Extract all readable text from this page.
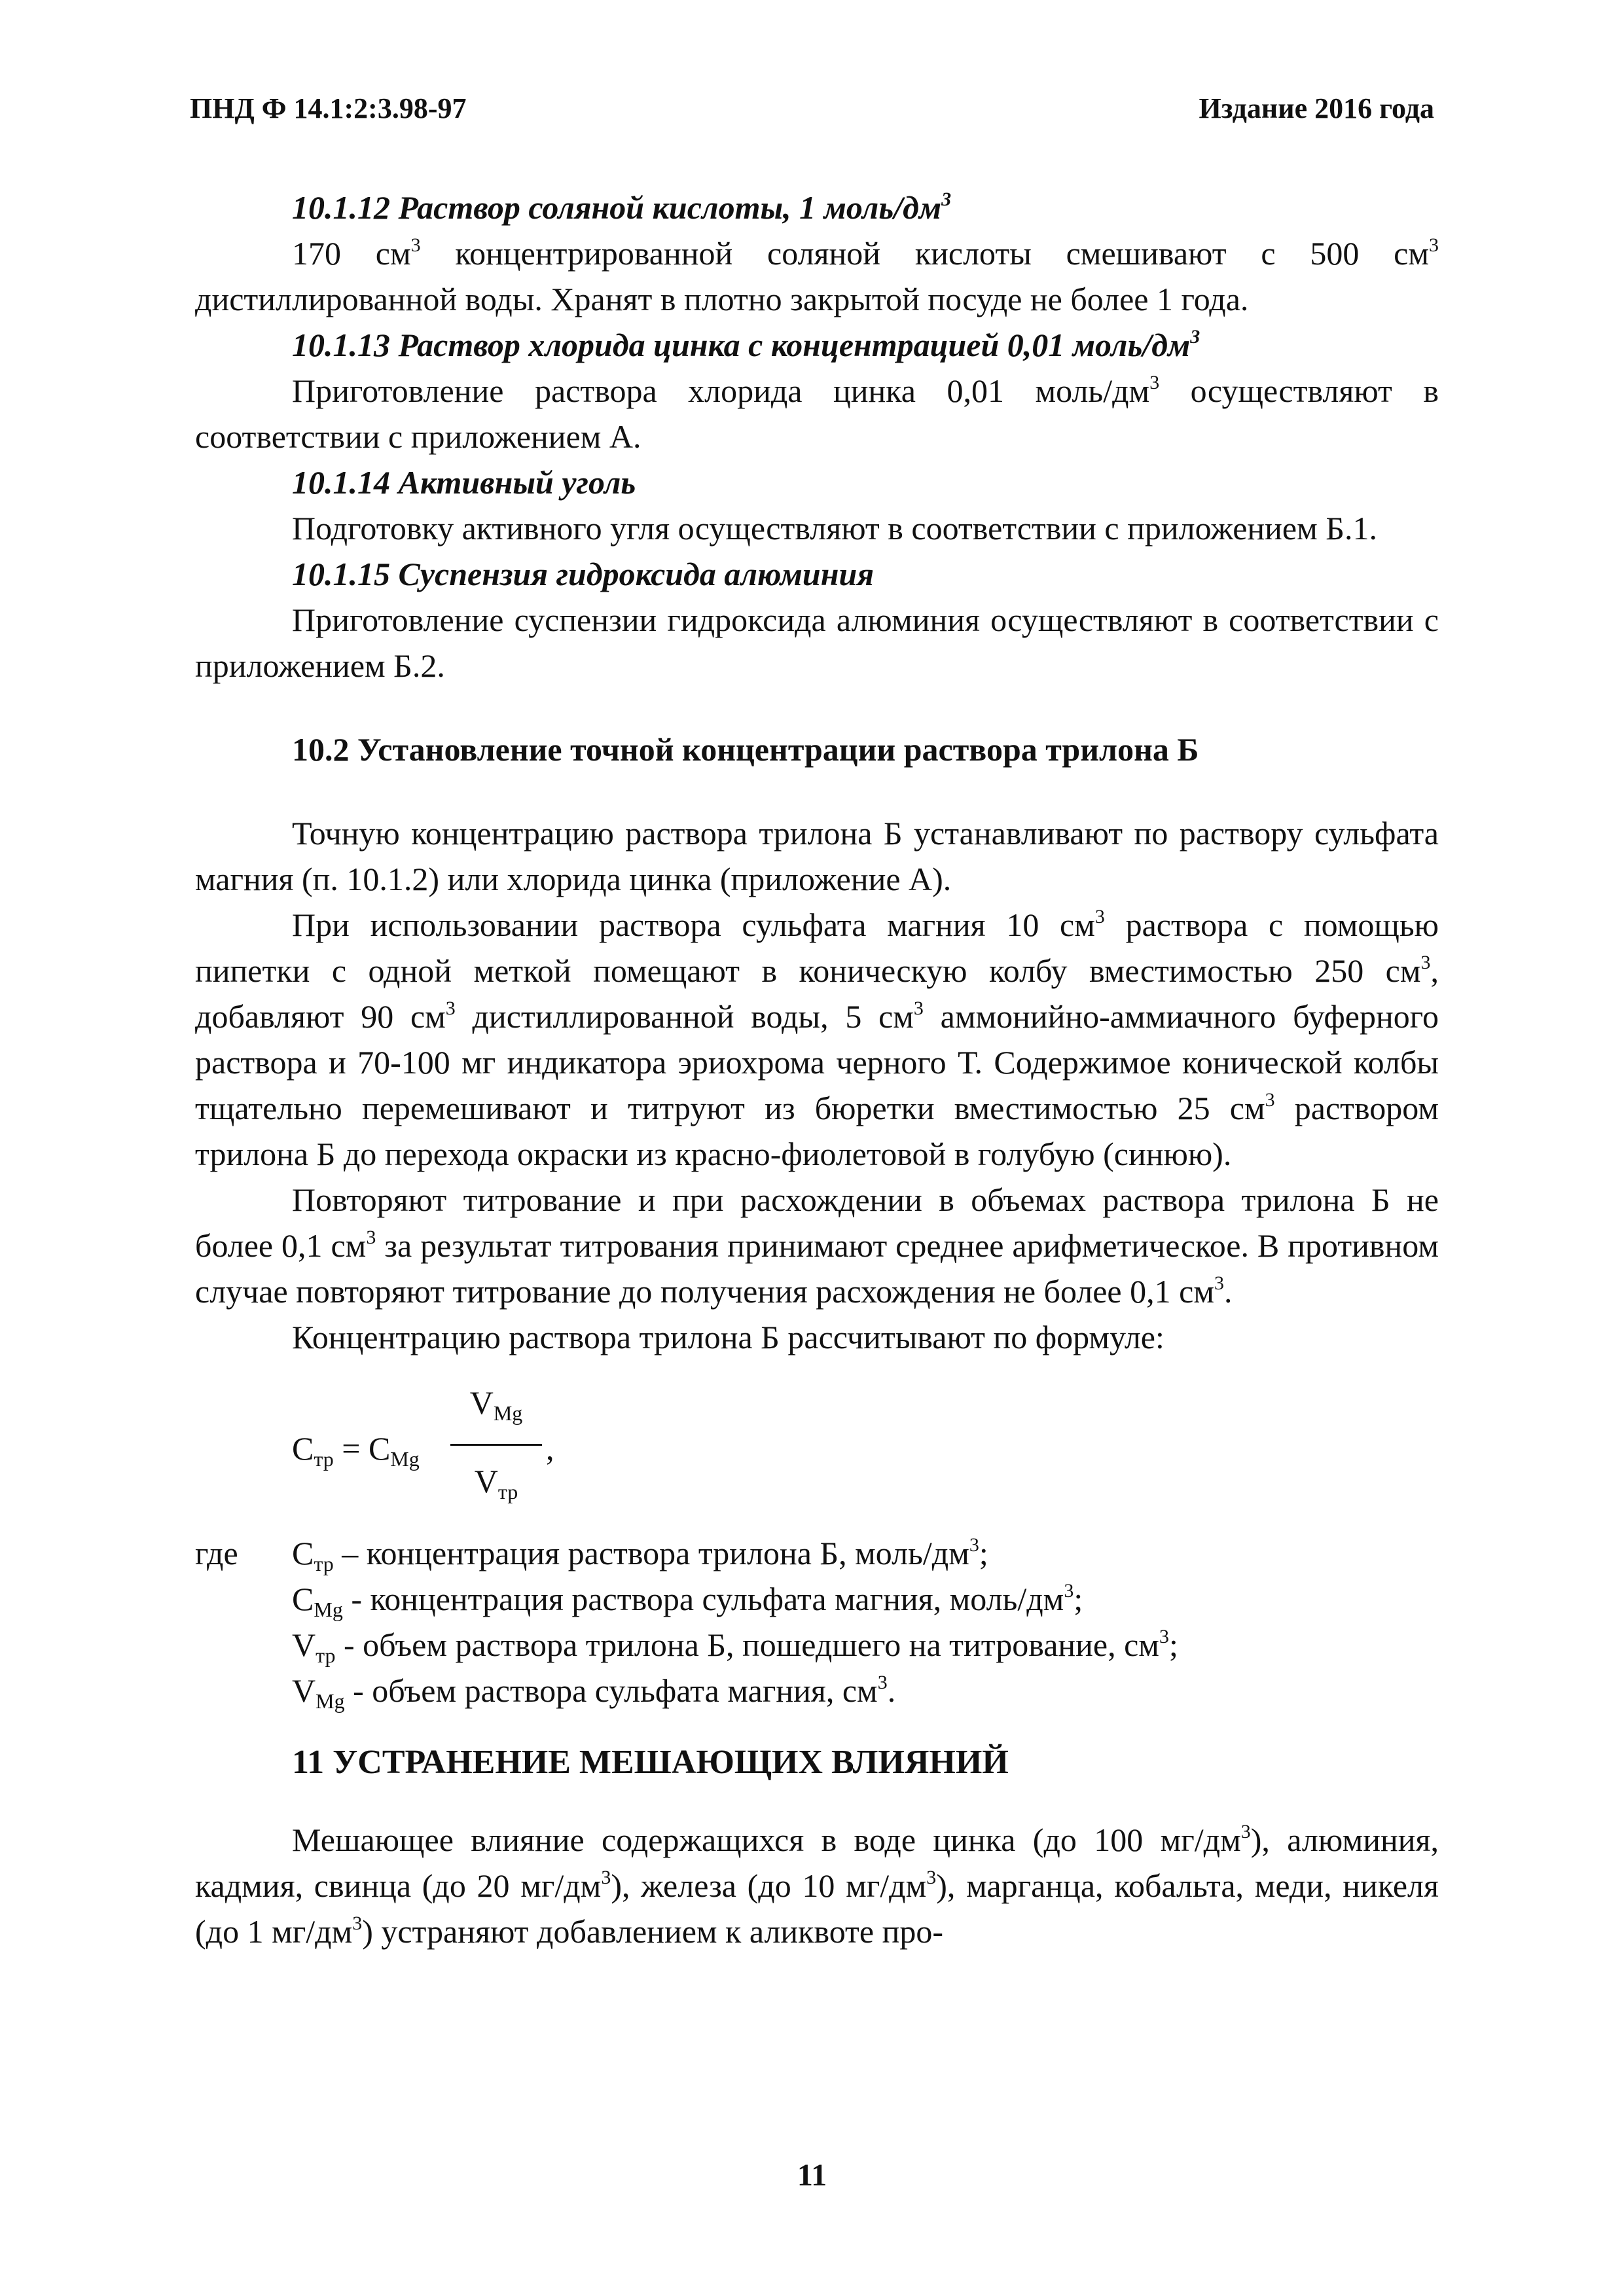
ПНД Ф 14.1:2:3.98-97	Издание 2016 года
10.1.12 Раствор соляной кислоты, 1 моль/$дм^3$

170 $см^3$ концентрированной соляной кислоты смешивают с 500 $см^3$ дистиллированной воды. Хранят в плотно закрытой посуде не более 1 года.

10.1.13 Раствор хлорида цинка с концентрацией 0,01 моль/$дм^3$

Приготовление раствора хлорида цинка 0,01 моль/$дм^3$ осуществляют в соответствии с приложением А.

10.1.14 Активный уголь

Подготовку активного угля осуществляют в соответствии с приложением Б.1.

10.1.15 Суспензия гидроксида алюминия

Приготовление суспензии гидроксида алюминия осуществляют в соответствии с приложением Б.2.

10.2 Установление точной концентрации раствора трилона Б

Точную концентрацию раствора трилона Б устанавливают по раствору сульфата магния (п. 10.1.2) или хлорида цинка (приложение А).

При использовании раствора сульфата магния 10 $см^3$ раствора с помощью пипетки с одной меткой помещают в коническую колбу вместимостью 250 $см^3$, добавляют 90 $см^3$ дистиллированной воды, 5 $см^3$ аммонийно-аммиачного буферного раствора и 70-100 мг индикатора эриохрома черного Т. Содержимое конической колбы тщательно перемешивают и титруют из бюретки вместимостью 25 $см^3$ раствором трилона Б до перехода окраски из красно-фиолетовой в голубую (синюю).

Повторяют титрование и при расхождении в объемах раствора трилона Б не более 0,1 $см^3$ за результат титрования принимают среднее арифметическое. В противном случае повторяют титрование до получения расхождения не более 0,1 $см^3$.

Концентрацию раствора трилона Б рассчитывают по формуле:

$C_{тр} = C_{Mg}$
$V_{Mg}$
$V_{тр}$
,
где $C_{тр}$ – концентрация раствора трилона Б, моль/$дм^3$;
$C_{Mg}$ - концентрация раствора сульфата магния, моль/$дм^3$;
$V_{тр}$ - объем раствора трилона Б, пошедшего на титрование, $см^3$;
$V_{Mg}$ - объем раствора сульфата магния, $см^3$.
11 УСТРАНЕНИЕ МЕШАЮЩИХ ВЛИЯНИЙ

Мешающее влияние содержащихся в воде цинка (до 100 $мг/дм^3$), алюминия, кадмия, свинца (до 20 $мг/дм^3$), железа (до 10 $мг/дм^3$), марганца, кобальта, меди, никеля (до 1 $мг/дм^3$) устраняют добавлением к аликвоте про-

11
